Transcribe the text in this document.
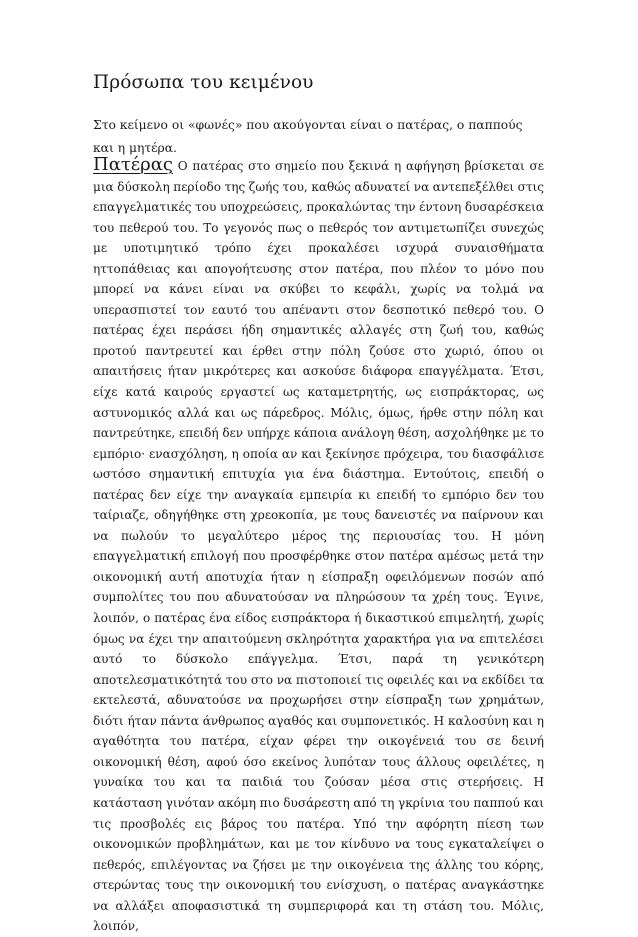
Πρόσωπα του κειμένου

Στο κείμενο οι «φωνές» που ακούγονται είναι ο πατέρας, ο παππούς και η μητέρα.

Πατέρας Ο πατέρας στο σημείο που ξεκινά η αφήγηση βρίσκεται σε μια δύσκολη περίοδο της ζωής του, καθώς αδυνατεί να αντεπεξέλθει στις επαγγελματικές του υποχρεώσεις, προκαλώντας την έντονη δυσαρέσκεια του πεθερού του. Το γεγονός πως ο πεθερός τον αντιμετωπίζει συνεχώς με υποτιμητικό τρόπο έχει προκαλέσει ισχυρά συναισθήματα ηττοπάθειας και απογοήτευσης στον πατέρα, που πλέον το μόνο που μπορεί να κάνει είναι να σκύβει το κεφάλι, χωρίς να τολμά να υπερασπιστεί τον εαυτό του απέναντι στον δεσποτικό πεθερό του. Ο πατέρας έχει περάσει ήδη σημαντικές αλλαγές στη ζωή του, καθώς προτού παντρευτεί και έρθει στην πόλη ζούσε στο χωριό, όπου οι απαιτήσεις ήταν μικρότερες και ασκούσε διάφορα επαγγέλματα. Έτσι, είχε κατά καιρούς εργαστεί ως καταμετρητής, ως εισπράκτορας, ως αστυνομικός αλλά και ως πάρεδρος. Μόλις, όμως, ήρθε στην πόλη και παντρεύτηκε, επειδή δεν υπήρχε κάποια ανάλογη θέση, ασχολήθηκε με το εμπόριο· ενασχόληση, η οποία αν και ξεκίνησε πρόχειρα, του διασφάλισε ωστόσο σημαντική επιτυχία για ένα διάστημα. Εντούτοις, επειδή ο πατέρας δεν είχε την αναγκαία εμπειρία κι επειδή το εμπόριο δεν του ταίριαζε, οδηγήθηκε στη χρεοκοπία, με τους δανειστές να παίρνουν και να πωλούν το μεγαλύτερο μέρος της περιουσίας του. Η μόνη επαγγελματική επιλογή που προσφέρθηκε στον πατέρα αμέσως μετά την οικονομική αυτή αποτυχία ήταν η είσπραξη οφειλόμενων ποσών από συμπολίτες του που αδυνατούσαν να πληρώσουν τα χρέη τους. Έγινε, λοιπόν, ο πατέρας ένα είδος εισπράκτορα ή δικαστικού επιμελητή, χωρίς όμως να έχει την απαιτούμενη σκληρότητα χαρακτήρα για να επιτελέσει αυτό το δύσκολο επάγγελμα. Έτσι, παρά τη γενικότερη αποτελεσματικότητά του στο να πιστοποιεί τις οφειλές και να εκδίδει τα εκτελεστά, αδυνατούσε να προχωρήσει στην είσπραξη των χρημάτων, διότι ήταν πάντα άνθρωπος αγαθός και συμπονετικός. Η καλοσύνη και η αγαθότητα του πατέρα, είχαν φέρει την οικογένειά του σε δεινή οικονομική θέση, αφού όσο εκείνος λυπόταν τους άλλους οφειλέτες, η γυναίκα του και τα παιδιά του ζούσαν μέσα στις στερήσεις. Η κατάσταση γινόταν ακόμη πιο δυσάρεστη από τη γκρίνια του παππού και τις προσβολές εις βάρος του πατέρα. Υπό την αφόρητη πίεση των οικονομικών προβλημάτων, και με τον κίνδυνο να τους εγκαταλείψει ο πεθερός, επιλέγοντας να ζήσει με την οικογένεια της άλλης του κόρης, στερώντας τους την οικονομική του ενίσχυση, ο πατέρας αναγκάστηκε να αλλάξει αποφασιστικά τη συμπεριφορά και τη στάση του. Μόλις, λοιπόν,
